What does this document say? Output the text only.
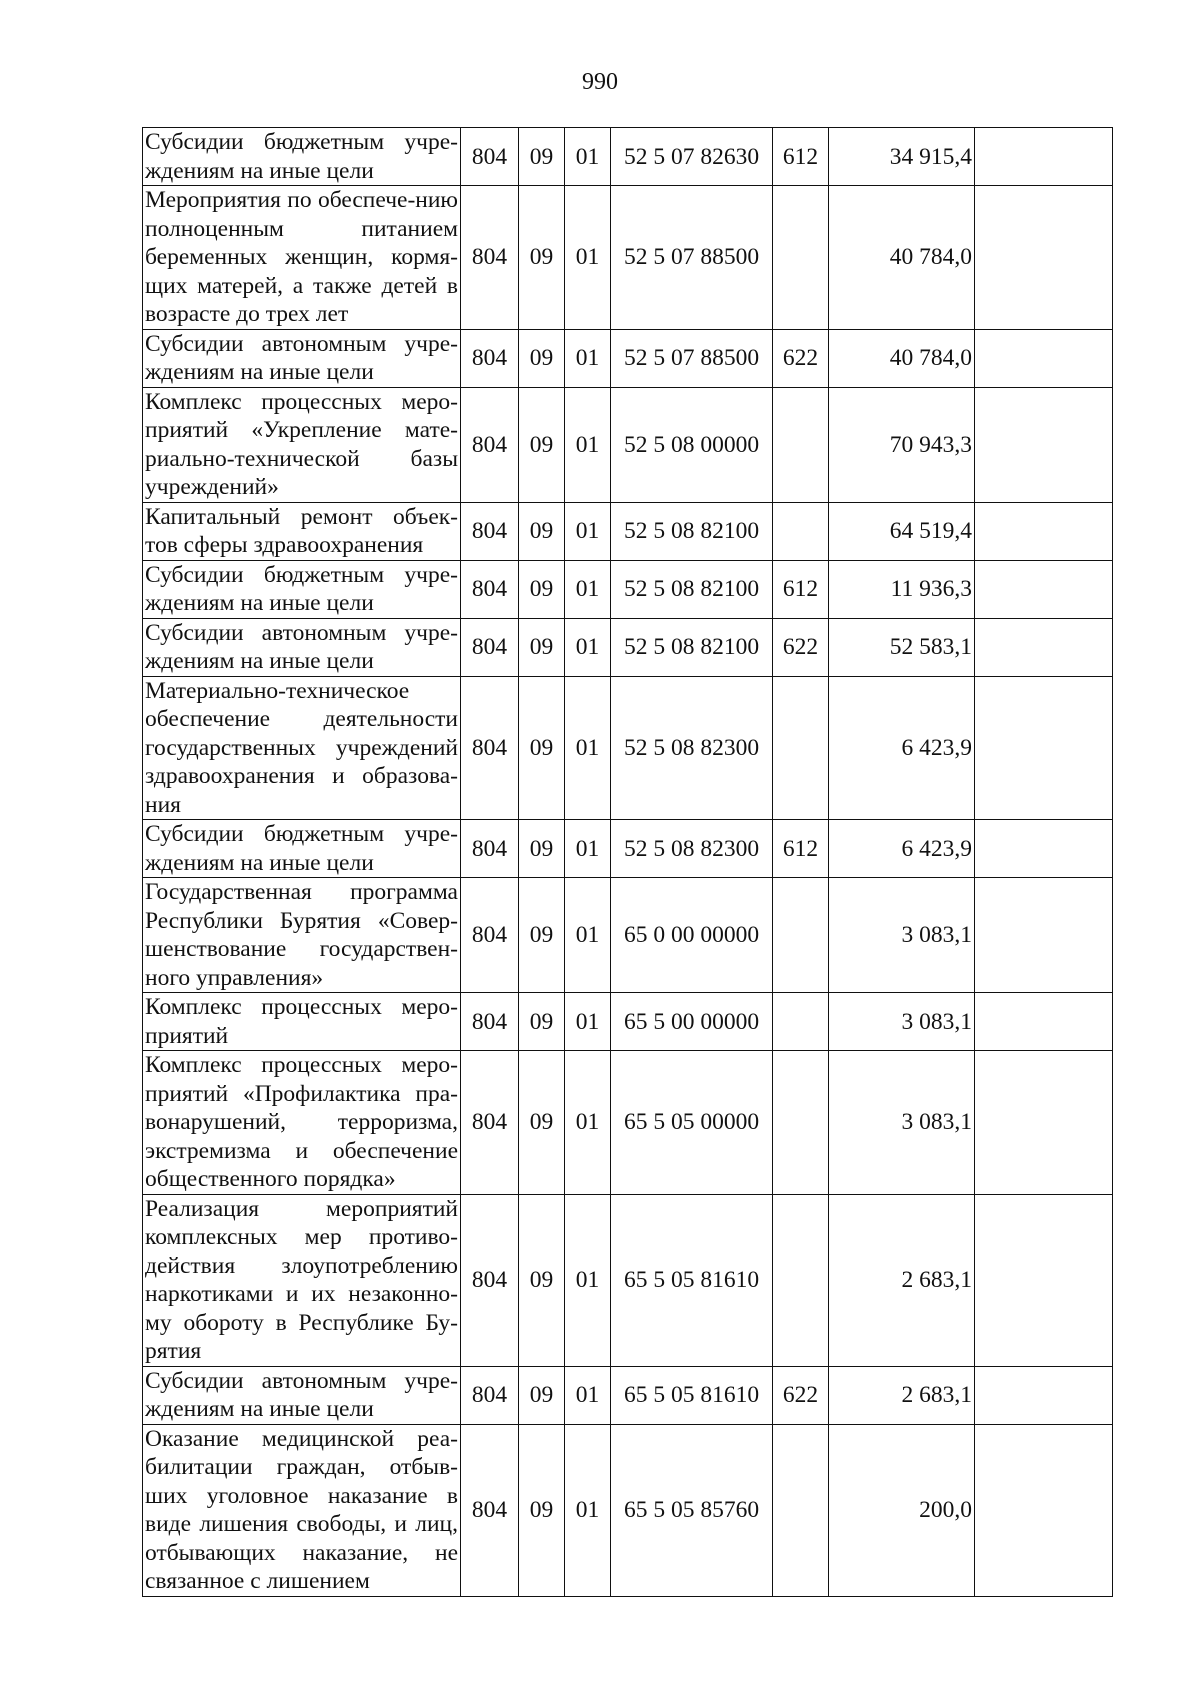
990
Субсидии бюджетным учре-ждениям на иные цели	804	09	01	52 5 07 82630	612	34 915,4	
Мероприятия по обеспече-нию полноценным питанием беременных женщин, кормя-щих матерей, а также детей в возрасте до трех лет	804	09	01	52 5 07 88500		40 784,0	
Субсидии автономным учре-ждениям на иные цели	804	09	01	52 5 07 88500	622	40 784,0	
Комплекс процессных меро-приятий «Укрепление мате-риально-технической базы учреждений»	804	09	01	52 5 08 00000		70 943,3	
Капитальный ремонт объек-тов сферы здравоохранения	804	09	01	52 5 08 82100		64 519,4	
Субсидии бюджетным учре-ждениям на иные цели	804	09	01	52 5 08 82100	612	11 936,3	
Субсидии автономным учре-ждениям на иные цели	804	09	01	52 5 08 82100	622	52 583,1	
Материально-техническое обеспечение деятельности государственных учреждений здравоохранения и образова-ния	804	09	01	52 5 08 82300		6 423,9	
Субсидии бюджетным учре-ждениям на иные цели	804	09	01	52 5 08 82300	612	6 423,9	
Государственная программа Республики Бурятия «Совер-шенствование государствен-ного управления»	804	09	01	65 0 00 00000		3 083,1	
Комплекс процессных меро-приятий	804	09	01	65 5 00 00000		3 083,1	
Комплекс процессных меро-приятий «Профилактика пра-вонарушений, терроризма, экстремизма и обеспечение общественного порядка»	804	09	01	65 5 05 00000		3 083,1	
Реализация мероприятий комплексных мер противо-действия злоупотреблению наркотиками и их незаконно-му обороту в Республике Бу-рятия	804	09	01	65 5 05 81610		2 683,1	
Субсидии автономным учре-ждениям на иные цели	804	09	01	65 5 05 81610	622	2 683,1	
Оказание медицинской реа-билитации граждан, отбыв-ших уголовное наказание в виде лишения свободы, и лиц, отбывающих наказание, не связанное с лишением	804	09	01	65 5 05 85760		200,0	
